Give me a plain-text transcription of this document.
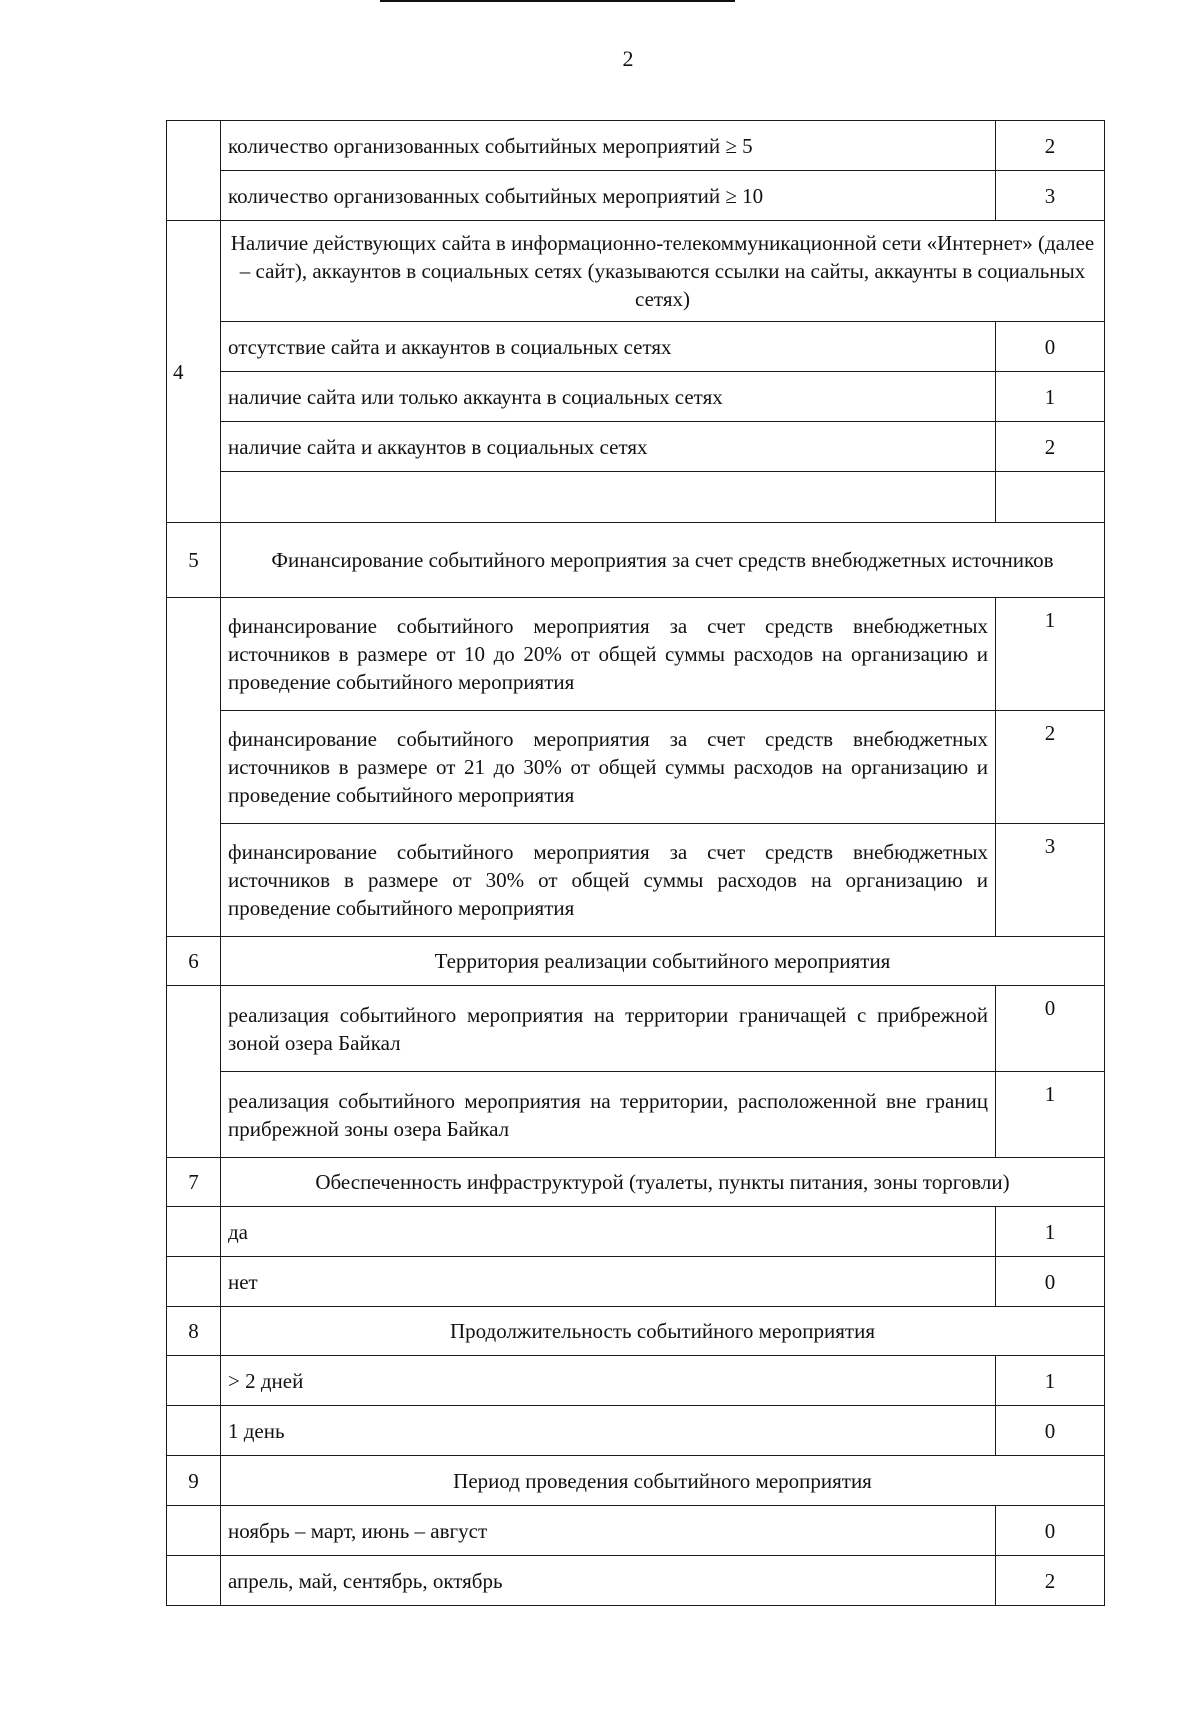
2
	количество организованных событийных мероприятий ≥ 5	2
	количество организованных событийных мероприятий ≥ 10	3
4	Наличие действующих сайта в информационно-телекоммуникационной сети «Интернет» (далее – сайт), аккаунтов в социальных сетях (указываются ссылки на сайты, аккаунты в социальных сетях)	
	отсутствие сайта и аккаунтов в социальных сетях	0
	наличие сайта или только аккаунта в социальных сетях	1
	наличие сайта и аккаунтов в социальных сетях	2

5	Финансирование событийного мероприятия за счет средств внебюджетных источников	
	финансирование событийного мероприятия за счет средств внебюджетных источников в размере от 10 до 20% от общей суммы расходов на организацию и проведение событийного мероприятия	1
	финансирование событийного мероприятия за счет средств внебюджетных источников в размере от 21 до 30% от общей суммы расходов на организацию и проведение событийного мероприятия	2
	финансирование событийного мероприятия за счет средств внебюджетных источников в размере от 30% от общей суммы расходов на организацию и проведение событийного мероприятия	3
6	Территория реализации событийного мероприятия	
	реализация событийного мероприятия на территории граничащей с прибрежной зоной озера Байкал	0
	реализация событийного мероприятия на территории, расположенной вне границ прибрежной зоны озера Байкал	1
7	Обеспеченность инфраструктурой (туалеты, пункты питания, зоны торговли)	
	да	1
	нет	0
8	Продолжительность событийного мероприятия	
	> 2 дней	1
	1 день	0
9	Период проведения событийного мероприятия	
	ноябрь – март, июнь – август	0
	апрель, май, сентябрь, октябрь	2
